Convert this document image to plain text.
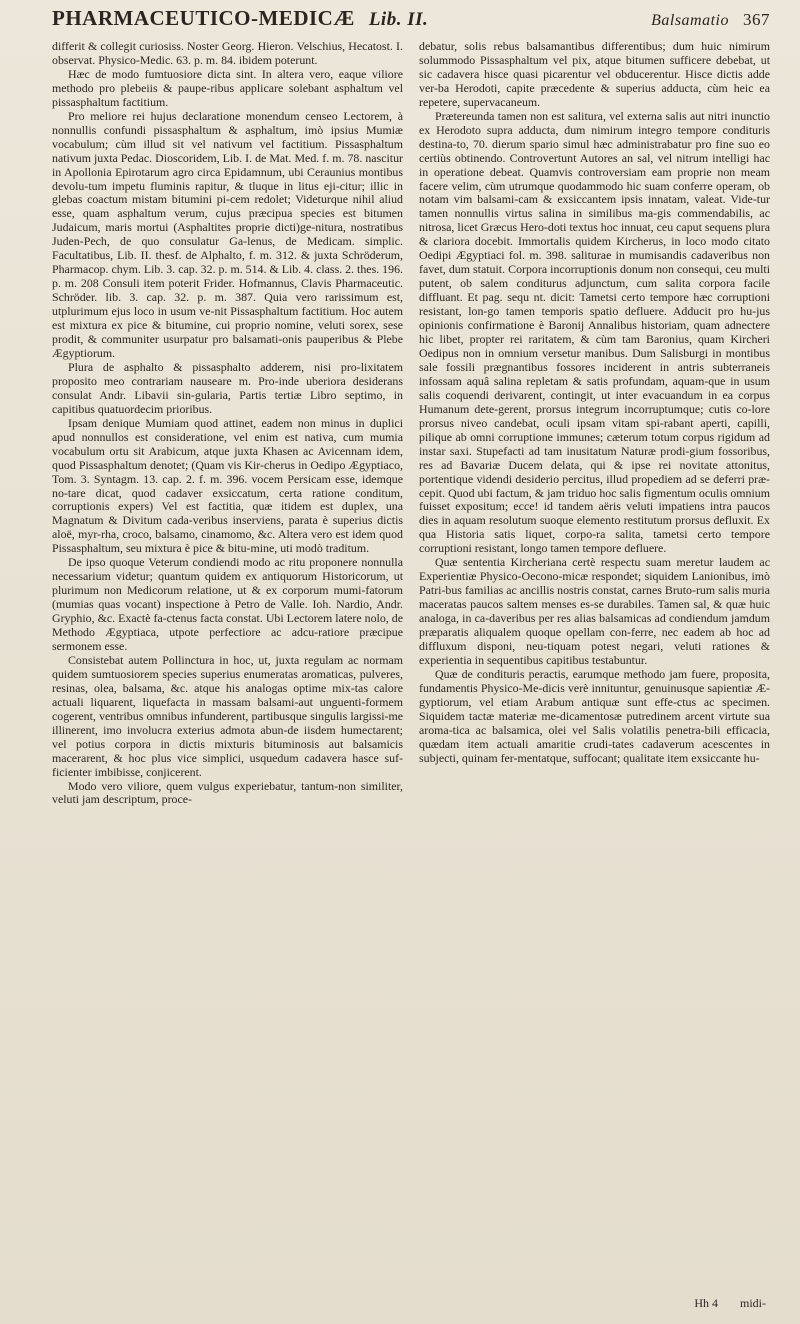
PHARMACEUTICO-MEDICÆ Lib. II.	Balsamatio 367

differit & collegit curiosiss. Noster Georg. Hieron. Velschius, Hecatost. I. observat. Physico-Medic. 63. p. m. 84. ibidem poterunt.

Hæc de modo fumtuosiore dicta sint. In altera vero, eaque viliore methodo pro plebeiis & paupe-ribus applicare solebant asphaltum vel pissasphaltum factitium.

Pro meliore rei hujus declaratione monendum censeo Lectorem, à nonnullis confundi pissasphaltum & asphaltum, imò ipsius Mumiæ vocabulum; cùm illud sit vel nativum vel factitium. Pissasphaltum nativum juxta Pedac. Dioscoridem, Lib. I. de Mat. Med. f. m. 78. nascitur in Apollonia Epirotarum agro circa Epidamnum, ubi Ceraunius montibus devolu-tum impetu fluminis rapitur, & tluque in litus eji-citur; illic in glebas coactum mistam bitumini pi-cem redolet; Videturque nihil aliud esse, quam asphaltum verum, cujus præcipua species est bitumen Judaicum, maris mortui (Asphaltites proprie dicti)ge-nitura, nostratibus Juden-Pech, de quo consulatur Ga-lenus, de Medicam. simplic. Facultatibus, Lib. II. thesf. de Alphalto, f. m. 312. & juxta Schröderum, Pharmacop. chym. Lib. 3. cap. 32. p. m. 514. & Lib. 4. class. 2. thes. 196. p. m. 208 Consuli item poterit Frider. Hofmannus, Clavis Pharmaceutic. Schröder. lib. 3. cap. 32. p. m. 387. Quia vero rarissimum est, utplurimum ejus loco in usum ve-nit Pissasphaltum factitium. Hoc autem est mixtura ex pice & bitumine, cui proprio nomine, veluti sorex, sese prodit, & communiter usurpatur pro balsamati-onis pauperibus & Plebe Ægyptiorum.

Plura de asphalto & pissasphalto adderem, nisi pro-lixitatem proposito meo contrariam nauseare m. Pro-inde uberiora desiderans consulat Andr. Libavii sin-gularia, Partis tertiæ Libro septimo, in capitibus quatuordecim prioribus.

Ipsam denique Mumiam quod attinet, eadem non minus in duplici apud nonnullos est consideratione, vel enim est nativa, cum mumia vocabulum ortu sit Arabicum, atque juxta Khasen ac Avicennam idem, quod Pissasphaltum denotet; (Quam vis Kir-cherus in Oedipo Ægyptiaco, Tom. 3. Syntagm. 13. cap. 2. f. m. 396. vocem Persicam esse, idemque no-tare dicat, quod cadaver exsiccatum, certa ratione conditum, corruptionis expers) Vel est factitia, quæ itidem est duplex, una Magnatum & Divitum cada-veribus inserviens, parata è superius dictis aloë, myr-rha, croco, balsamo, cinamomo, &c. Altera vero est idem quod Pissasphaltum, seu mixtura è pice & bitu-mine, uti modò traditum.

De ipso quoque Veterum condiendi modo ac ritu proponere nonnulla necessarium videtur; quantum quidem ex antiquorum Historicorum, ut plurimum non Medicorum relatione, ut & ex corporum mumi-fatorum (mumias quas vocant) inspectione à Petro de Valle. Ioh. Nardio, Andr. Gryphio, &c. Exactè fa-ctenus facta constat. Ubi Lectorem latere nolo, de Methodo Ægyptiaca, utpote perfectiore ac adcu-ratiore præcipue sermonem esse.

Consistebat autem Pollinctura in hoc, ut, juxta regulam ac normam quidem sumtuosiorem species superius enumeratas aromaticas, pulveres, resinas, olea, balsama, &c. atque his analogas optime mix-tas calore actuali liquarent, liquefacta in massam balsami-aut unguenti-formem cogerent, ventribus omnibus infunderent, partibusque singulis largissi-me illinerent, imo involucra exterius admota abun-de iisdem humectarent; vel potius corpora in dictis mixturis bituminosis aut balsamicis macerarent, & hoc plus vice simplici, usquedum cadavera hasce suf-ficienter imbibisse, conjicerent.

Modo vero viliore, quem vulgus experiebatur, tantum-non similiter, veluti jam descriptum, proce-

debatur, solis rebus balsamantibus differentibus; dum huic nimirum solummodo Pissasphaltum vel pix, atque bitumen sufficere debebat, ut sic cadavera hisce quasi picarentur vel obducerentur. Hisce dictis adde ver-ba Herodoti, capite præcedente & superius adducta, cùm heic ea repetere, supervacaneum.

Prætereunda tamen non est salitura, vel externa salis aut nitri inunctio ex Herodoto supra adducta, dum nimirum integro tempore condituris destina-to, 70. dierum spario simul hæc administrabatur pro fine suo eo certiùs obtinendo. Controvertunt Autores an sal, vel nitrum intelligi hac in operatione debeat. Quamvis controversiam eam proprie non meam facere velim, cùm utrumque quodammodo hic suam conferre operam, ob notam vim balsami-cam & exsiccantem ipsis innatam, valeat. Vide-tur tamen nonnullis virtus salina in similibus ma-gis commendabilis, ac nitrosa, licet Græcus Hero-doti textus hoc innuat, ceu caput sequens plura & clariora docebit. Immortalis quidem Kircherus, in loco modo citato Oedipi Ægyptiaci fol. m. 398. saliturae in mumisandis cadaveribus non favet, dum statuit. Corpora incorruptionis donum non consequi, ceu multi putent, ob salem conditurus adjunctum, cum salita corpora facile diffluant. Et pag. sequ nt. dicit: Tametsi certo tempore hæc corruptioni resistant, lon-go tamen temporis spatio defluere. Adducit pro hu-jus opinionis confirmatione è Baronij Annalibus historiam, quam adnectere hic libet, propter rei raritatem, & cùm tam Baronius, quam Kircheri Oedipus non in omnium versetur manibus. Dum Salisburgi in montibus sale fossili prægnantibus fossores inciderent in antris subterraneis infossam aquâ salina repletam & satis profundam, aquam-que in usum salis coquendi derivarent, contingit, ut inter evacuandum in ea corpus Humanum dete-gerent, prorsus integrum incorruptumque; cutis co-lore prorsus niveo candebat, oculi ipsam vitam spi-rabant aperti, capilli, pilique ab omni corruptione immunes; cæterum totum corpus rigidum ad instar saxi. Stupefacti ad tam inusitatum Naturæ prodi-gium fossoribus, res ad Bavariæ Ducem delata, qui & ipse rei novitate attonitus, portentique videndi desiderio percitus, illud propediem ad se deferri præ-cepit. Quod ubi factum, & jam triduo hoc salis figmentum oculis omnium fuisset expositum; ecce! id tandem aëris veluti impatiens intra paucos dies in aquam resolutum suoque elemento restitutum prorsus defluxit. Ex qua Historia satis liquet, corpo-ra salita, tametsi certo tempore corruptioni resistant, longo tamen tempore defluere.

Quæ sententia Kircheriana certè respectu suam meretur laudem ac Experientiæ Physico-Oecono-micæ respondet; siquidem Lanionibus, imò Patri-bus familias ac ancillis nostris constat, carnes Bruto-rum salis muria maceratas paucos saltem menses es-se durabiles. Tamen sal, & quæ huic analoga, in ca-daveribus per res alias balsamicas ad condiendum jamdum præparatis aliqualem quoque opellam con-ferre, nec eadem ab hoc ad diffluxum disponi, neu-tiquam potest negari, veluti rationes & experientia in sequentibus capitibus testabuntur.

Quæ de condituris peractis, earumque methodo jam fuere, proposita, fundamentis Physico-Me-dicis verè innituntur, genuinusque sapientiæ Æ-gyptiorum, vel etiam Arabum antiquæ sunt effe-ctus ac specimen. Siquidem tactæ materiæ me-dicamentosæ putredinem arcent virtute sua aroma-tica ac balsamica, olei vel Salis volatilis penetra-bili efficacia, quædam item actuali amaritie crudi-tates cadaverum acescentes in subjecti, quinam fer-mentatque, suffocant; qualitate item exsiccante hu-

Hh 4 midi-
